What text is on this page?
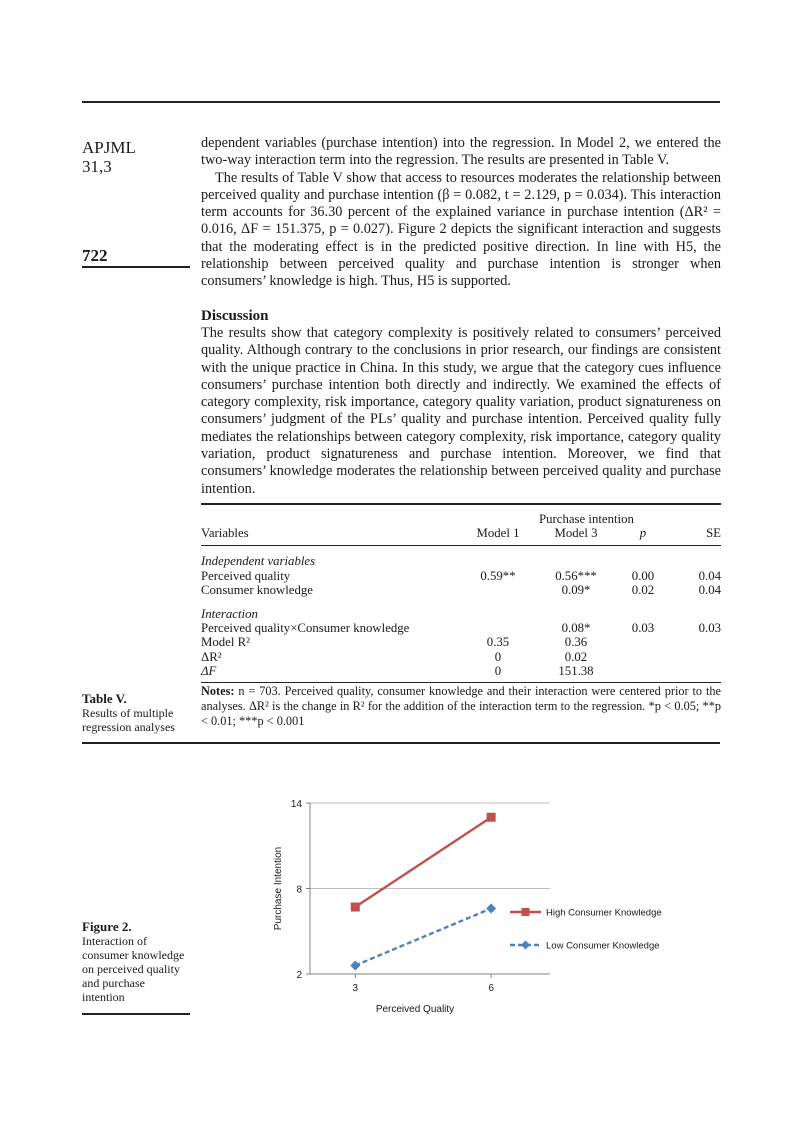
APJML
31,3
722

dependent variables (purchase intention) into the regression. In Model 2, we entered the two-way interaction term into the regression. The results are presented in Table V.

The results of Table V show that access to resources moderates the relationship between perceived quality and purchase intention (β = 0.082, t = 2.129, p = 0.034). This interaction term accounts for 36.30 percent of the explained variance in purchase intention (ΔR² = 0.016, ΔF = 151.375, p = 0.027). Figure 2 depicts the significant interaction and suggests that the moderating effect is in the predicted positive direction. In line with H5, the relationship between perceived quality and purchase intention is stronger when consumers’ knowledge is high. Thus, H5 is supported.

Discussion

The results show that category complexity is positively related to consumers’ perceived quality. Although contrary to the conclusions in prior research, our findings are consistent with the unique practice in China. In this study, we argue that the category cues influence consumers’ purchase intention both directly and indirectly. We examined the effects of category complexity, risk importance, category quality variation, product signatureness on consumers’ judgment of the PLs’ quality and purchase intention. Perceived quality fully mediates the relationships between category complexity, risk importance, category quality variation, product signatureness and purchase intention. Moreover, we find that consumers’ knowledge moderates the relationship between perceived quality and purchase intention.

		Purchase intention		
Variables	Model 1	Model 3	p	SE

Independent variables				
Perceived quality	0.59**	0.56***	0.00	0.04
Consumer knowledge		0.09*	0.02	0.04

Interaction				
Perceived quality×Consumer knowledge		0.08*	0.03	0.03
Model R²	0.35	0.36		
ΔR²	0	0.02		
ΔF	0	151.38		
Notes: n = 703. Perceived quality, consumer knowledge and their interaction were centered prior to the analyses. ΔR² is the change in R² for the addition of the interaction term to the regression. *p < 0.05; **p < 0.01; ***p < 0.001
Table V.
Results of multiple regression analyses
Figure 2.
Interaction of consumer knowledge on perceived quality and purchase intention
2
8
14
3	6
Perceived Quality
Purchase Intention	High Consumer Knowledge
Low Consumer Knowledge
